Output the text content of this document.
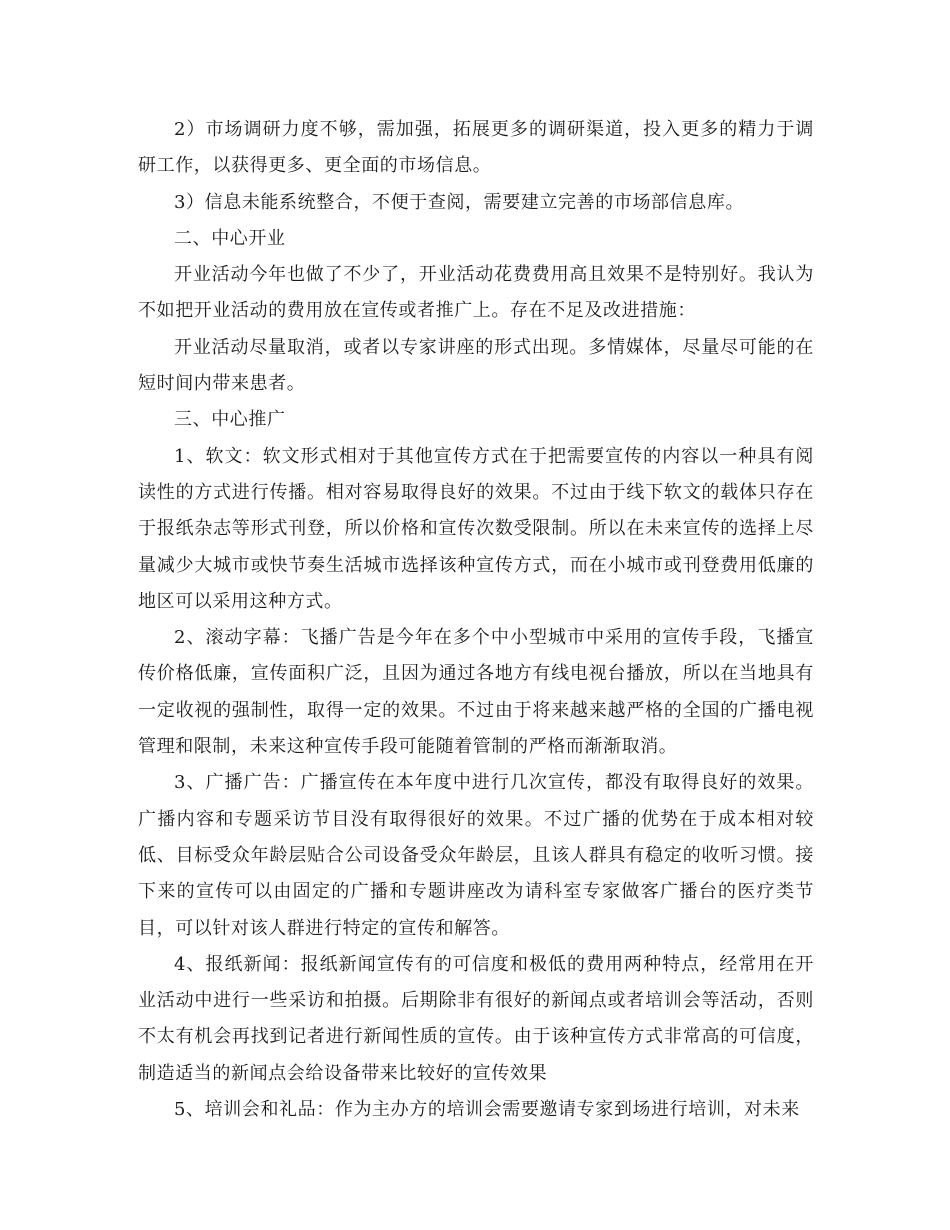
2）市场调研力度不够，需加强，拓展更多的调研渠道，投入更多的精力于调研工作，以获得更多、更全面的市场信息。

3）信息未能系统整合，不便于查阅，需要建立完善的市场部信息库。

二、中心开业

开业活动今年也做了不少了，开业活动花费费用高且效果不是特别好。我认为不如把开业活动的费用放在宣传或者推广上。存在不足及改进措施：

开业活动尽量取消，或者以专家讲座的形式出现。多情媒体，尽量尽可能的在短时间内带来患者。

三、中心推广

1、软文：软文形式相对于其他宣传方式在于把需要宣传的内容以一种具有阅读性的方式进行传播。相对容易取得良好的效果。不过由于线下软文的载体只存在于报纸杂志等形式刊登，所以价格和宣传次数受限制。所以在未来宣传的选择上尽量减少大城市或快节奏生活城市选择该种宣传方式，而在小城市或刊登费用低廉的地区可以采用这种方式。

2、滚动字幕：飞播广告是今年在多个中小型城市中采用的宣传手段，飞播宣传价格低廉，宣传面积广泛，且因为通过各地方有线电视台播放，所以在当地具有一定收视的强制性，取得一定的效果。不过由于将来越来越严格的全国的广播电视管理和限制，未来这种宣传手段可能随着管制的严格而渐渐取消。

3、广播广告：广播宣传在本年度中进行几次宣传，都没有取得良好的效果。广播内容和专题采访节目没有取得很好的效果。不过广播的优势在于成本相对较低、目标受众年龄层贴合公司设备受众年龄层，且该人群具有稳定的收听习惯。接下来的宣传可以由固定的广播和专题讲座改为请科室专家做客广播台的医疗类节目，可以针对该人群进行特定的宣传和解答。

4、报纸新闻：报纸新闻宣传有的可信度和极低的费用两种特点，经常用在开业活动中进行一些采访和拍摄。后期除非有很好的新闻点或者培训会等活动，否则不太有机会再找到记者进行新闻性质的宣传。由于该种宣传方式非常高的可信度，制造适当的新闻点会给设备带来比较好的宣传效果

5、培训会和礼品：作为主办方的培训会需要邀请专家到场进行培训，对未来
